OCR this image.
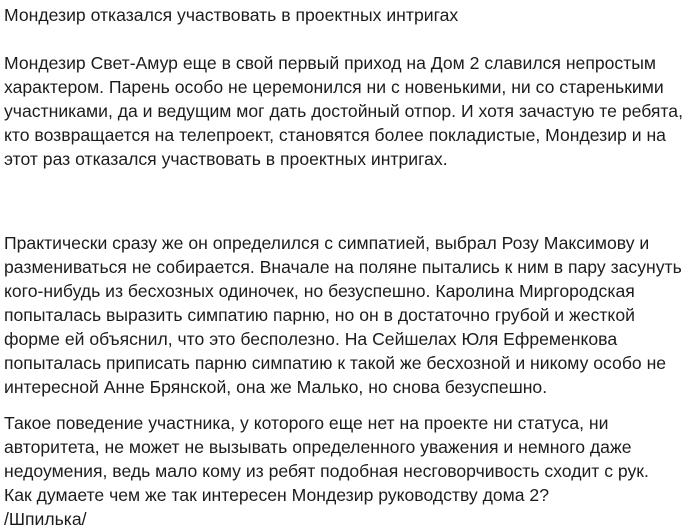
Мондезир отказался участвовать в проектных интригах

Мондезир Свет-Амур еще в свой первый приход на Дом 2 славился непростым
характером. Парень особо не церемонился ни с новенькими, ни со старенькими
участниками, да и ведущим мог дать достойный отпор. И хотя зачастую те ребята,
кто возвращается на телепроект, становятся более покладистые, Мондезир и на
этот раз отказался участвовать в проектных интригах.

Практически сразу же он определился с симпатией, выбрал Розу Максимову и
размениваться не собирается. Вначале на поляне пытались к ним в пару засунуть
кого-нибудь из бесхозных одиночек, но безуспешно. Каролина Миргородская
попыталась выразить симпатию парню, но он в достаточно грубой и жесткой
форме ей объяснил, что это бесполезно. На Сейшелах Юля Ефременкова
попыталась приписать парню симпатию к такой же бесхозной и никому особо не
интересной Анне Брянской, она же Малько, но снова безуспешно.

Такое поведение участника, у которого еще нет на проекте ни статуса, ни
авторитета, не может не вызывать определенного уважения и немного даже
недоумения, ведь мало кому из ребят подобная несговорчивость сходит с рук.
Как думаете чем же так интересен Мондезир руководству дома 2?

/Шпилька/
